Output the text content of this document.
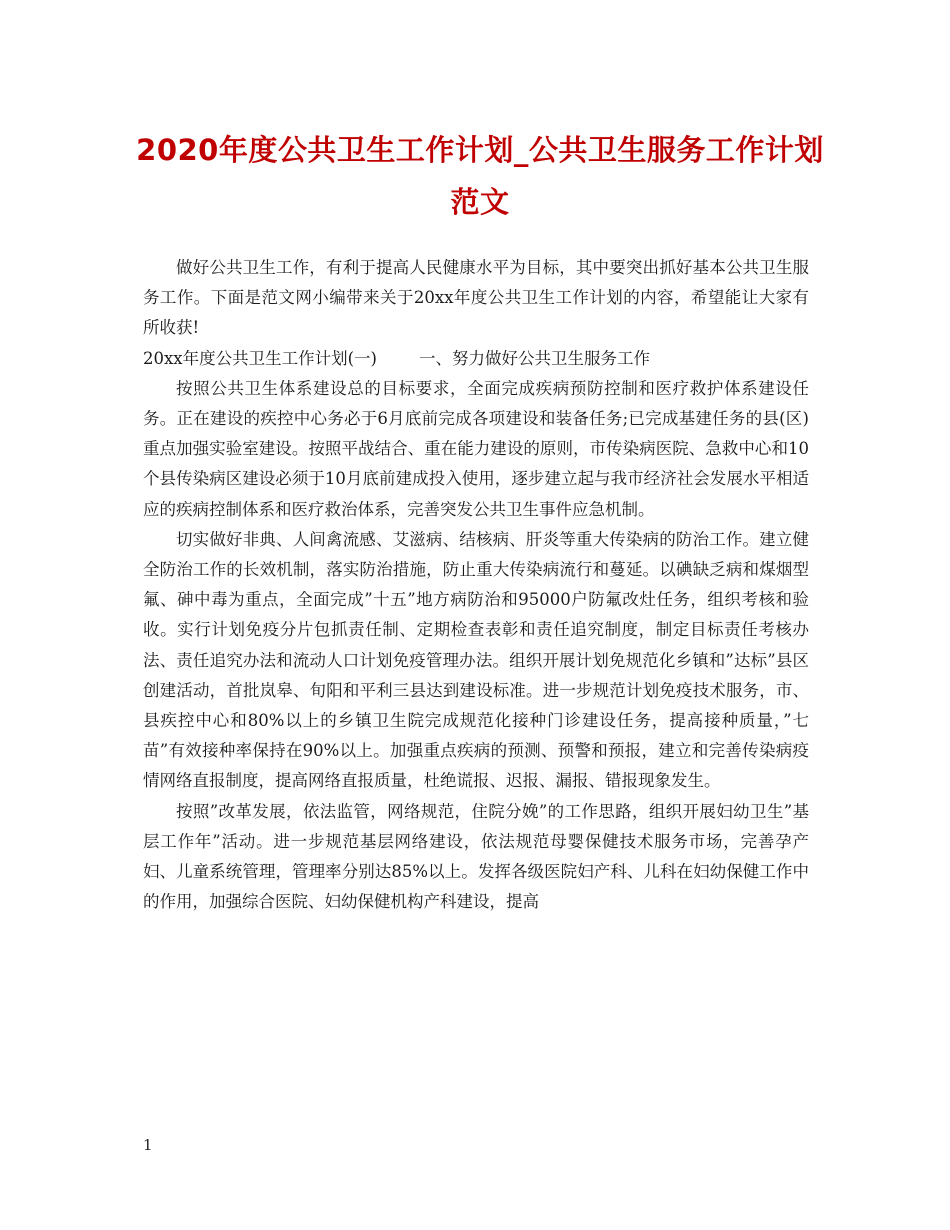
2020年度公共卫生工作计划_公共卫生服务工作计划范文

做好公共卫生工作，有利于提高人民健康水平为目标，其中要突出抓好基本公共卫生服务工作。下面是范文网小编带来关于20xx年度公共卫生工作计划的内容，希望能让大家有所收获!

20xx年度公共卫生工作计划(一)	一、努力做好公共卫生服务工作

按照公共卫生体系建设总的目标要求，全面完成疾病预防控制和医疗救护体系建设任务。正在建设的疾控中心务必于6月底前完成各项建设和装备任务;已完成基建任务的县(区)重点加强实验室建设。按照平战结合、重在能力建设的原则，市传染病医院、急救中心和10个县传染病区建设必须于10月底前建成投入使用，逐步建立起与我市经济社会发展水平相适应的疾病控制体系和医疗救治体系，完善突发公共卫生事件应急机制。

切实做好非典、人间禽流感、艾滋病、结核病、肝炎等重大传染病的防治工作。建立健全防治工作的长效机制，落实防治措施，防止重大传染病流行和蔓延。以碘缺乏病和煤烟型氟、砷中毒为重点，全面完成”十五”地方病防治和95000户防氟改灶任务，组织考核和验收。实行计划免疫分片包抓责任制、定期检查表彰和责任追究制度，制定目标责任考核办法、责任追究办法和流动人口计划免疫管理办法。组织开展计划免规范化乡镇和”达标”县区创建活动，首批岚皋、旬阳和平利三县达到建设标准。进一步规范计划免疫技术服务，市、县疾控中心和80%以上的乡镇卫生院完成规范化接种门诊建设任务，提高接种质量，”七苗”有效接种率保持在90%以上。加强重点疾病的预测、预警和预报，建立和完善传染病疫情网络直报制度，提高网络直报质量，杜绝谎报、迟报、漏报、错报现象发生。

按照”改革发展，依法监管，网络规范，住院分娩”的工作思路，组织开展妇幼卫生”基层工作年”活动。进一步规范基层网络建设，依法规范母婴保健技术服务市场，完善孕产妇、儿童系统管理，管理率分别达85%以上。发挥各级医院妇产科、儿科在妇幼保健工作中的作用，加强综合医院、妇幼保健机构产科建设，提高

1
